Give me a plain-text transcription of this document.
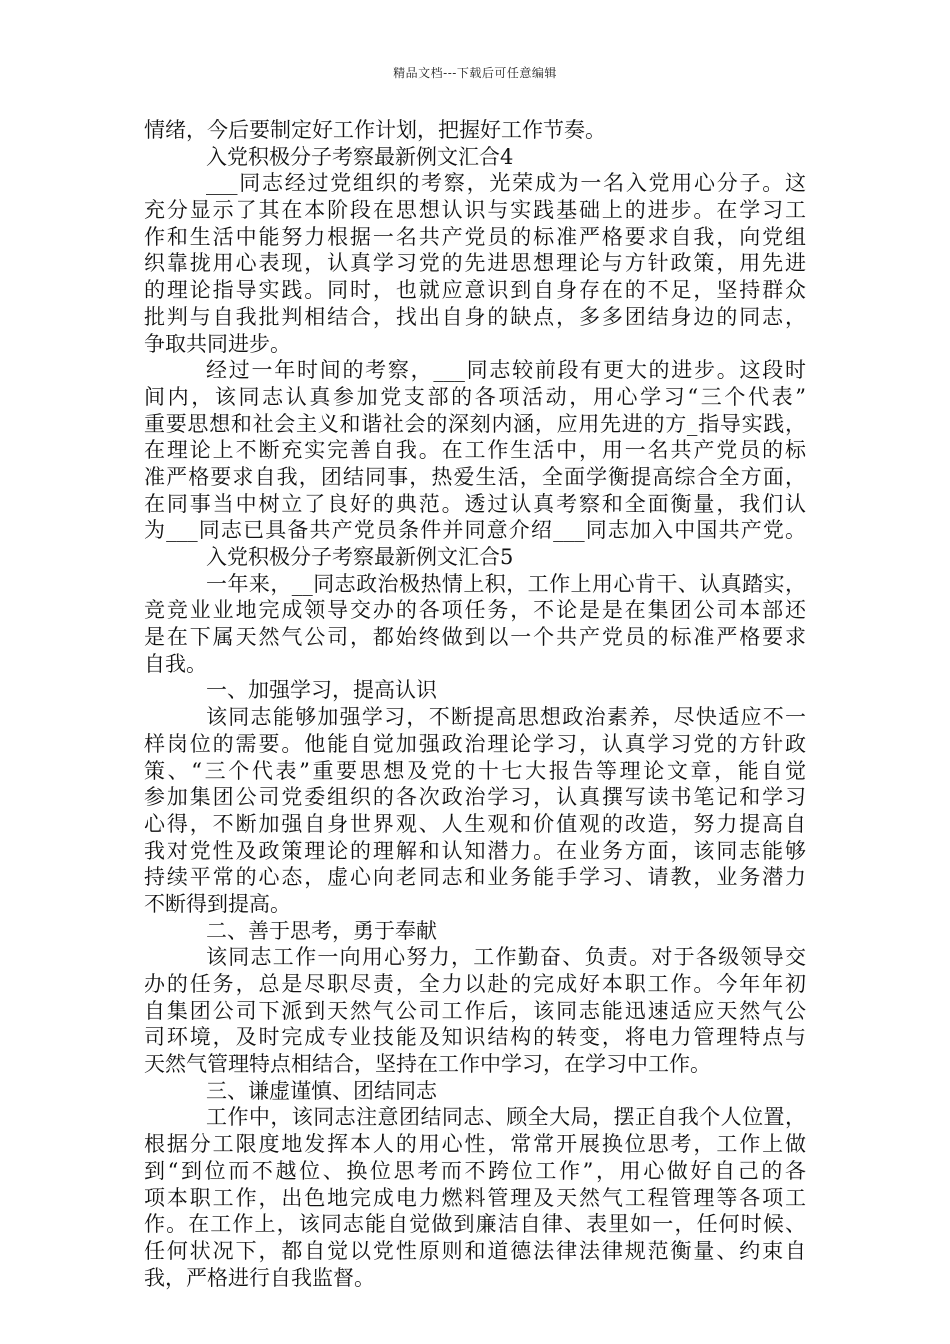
精品文档---下载后可任意编辑
情绪，今后要制定好工作计划，把握好工作节奏。
入党积极分子考察最新例文汇合4
___同志经过党组织的考察，光荣成为一名入党用心分子。这
充分显示了其在本阶段在思想认识与实践基础上的进步。在学习工
作和生活中能努力根据一名共产党员的标准严格要求自我，向党组
织靠拢用心表现，认真学习党的先进思想理论与方针政策，用先进
的理论指导实践。同时，也就应意识到自身存在的不足，坚持群众
批判与自我批判相结合，找出自身的缺点，多多团结身边的同志，
争取共同进步。
经过一年时间的考察，___同志较前段有更大的进步。这段时
间内，该同志认真参加党支部的各项活动，用心学习“三个代表”
重要思想和社会主义和谐社会的深刻内涵，应用先进的方_指导实践，
在理论上不断充实完善自我。在工作生活中，用一名共产党员的标
准严格要求自我，团结同事，热爱生活，全面学衡提高综合全方面，
在同事当中树立了良好的典范。透过认真考察和全面衡量，我们认
为___同志已具备共产党员条件并同意介绍___同志加入中国共产党。
入党积极分子考察最新例文汇合5
一年来，__同志政治极热情上积，工作上用心肯干、认真踏实，
竞竞业业地完成领导交办的各项任务，不论是是在集团公司本部还
是在下属天然气公司，都始终做到以一个共产党员的标准严格要求
自我。
一、加强学习，提高认识
该同志能够加强学习，不断提高思想政治素养，尽快适应不一
样岗位的需要。他能自觉加强政治理论学习，认真学习党的方针政
策、“三个代表”重要思想及党的十七大报告等理论文章，能自觉
参加集团公司党委组织的各次政治学习，认真撰写读书笔记和学习
心得，不断加强自身世界观、人生观和价值观的改造，努力提高自
我对党性及政策理论的理解和认知潜力。在业务方面，该同志能够
持续平常的心态，虚心向老同志和业务能手学习、请教，业务潜力
不断得到提高。
二、善于思考，勇于奉献
该同志工作一向用心努力，工作勤奋、负责。对于各级领导交
办的任务，总是尽职尽责，全力以赴的完成好本职工作。今年年初
自集团公司下派到天然气公司工作后，该同志能迅速适应天然气公
司环境，及时完成专业技能及知识结构的转变，将电力管理特点与
天然气管理特点相结合，坚持在工作中学习，在学习中工作。
三、谦虚谨慎、团结同志
工作中，该同志注意团结同志、顾全大局，摆正自我个人位置，
根据分工限度地发挥本人的用心性，常常开展换位思考，工作上做
到“到位而不越位、换位思考而不跨位工作”，用心做好自己的各
项本职工作，出色地完成电力燃料管理及天然气工程管理等各项工
作。在工作上，该同志能自觉做到廉洁自律、表里如一，任何时候、
任何状况下，都自觉以党性原则和道德法律法律规范衡量、约束自
我，严格进行自我监督。
